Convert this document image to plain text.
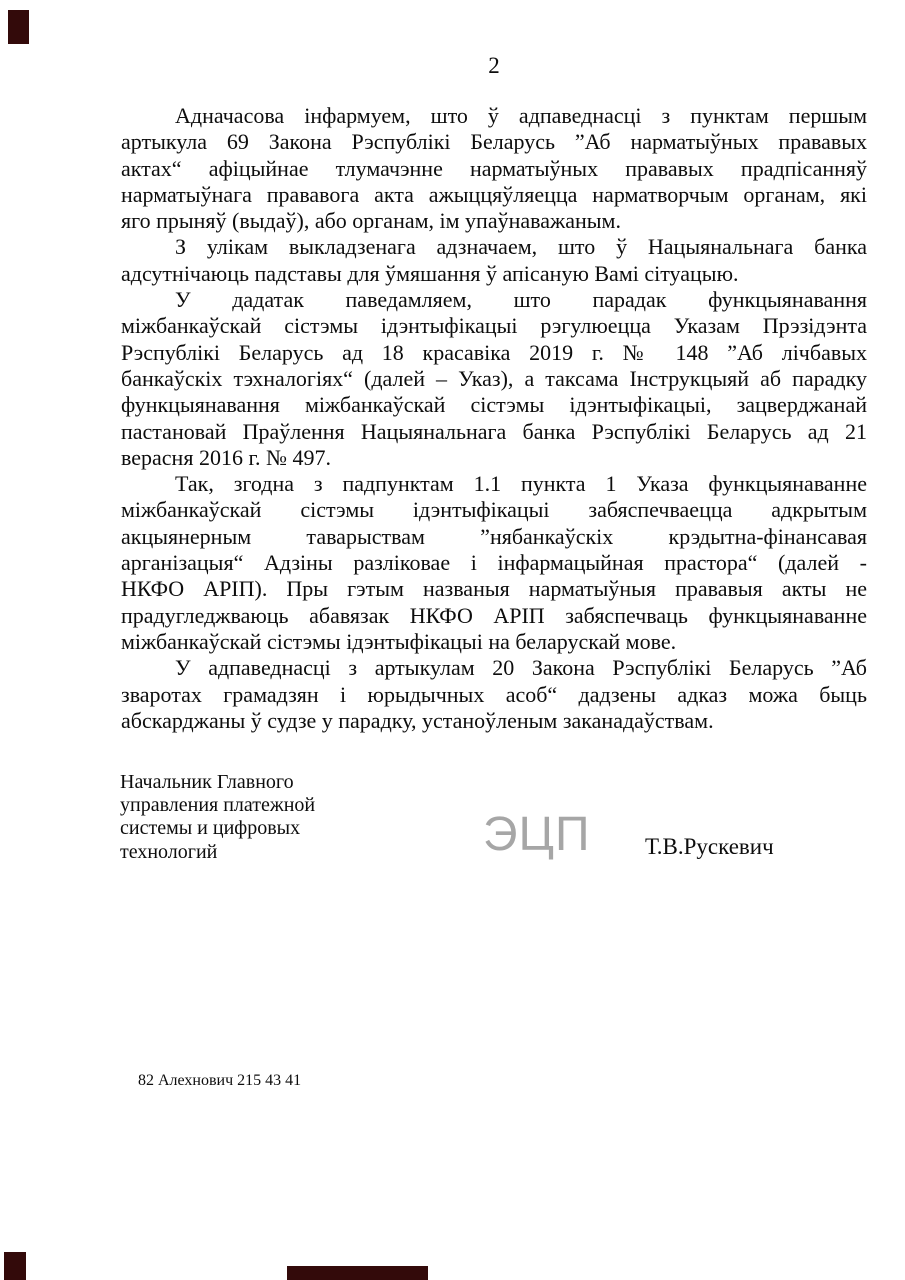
2
Адначасова інфармуем, што ў адпаведнасці з пунктам першым
артыкула 69 Закона Рэспублікі Беларусь ”Аб нарматыўных прававых
актах“ афіцыйнае тлумачэнне нарматыўных прававых прадпісанняў
нарматыўнага прававога акта ажыццяўляецца нарматворчым органам, які
яго прыняў (выдаў), або органам, ім упаўнаважаным.
З улікам выкладзенага адзначаем, што ў Нацыянальнага банка
адсутнічаюць падставы для ўмяшання ў апісаную Вамі сітуацыю.
У дадатак паведамляем, што парадак функцыянавання
міжбанкаўскай сістэмы ідэнтыфікацыі рэгулюецца Указам Прэзідэнта
Рэспублікі Беларусь ад 18 красавіка 2019 г. № 148 ”Аб лічбавых
банкаўскіх тэхналогіях“ (далей – Указ), а таксама Інструкцыяй аб парадку
функцыянавання міжбанкаўскай сістэмы ідэнтыфікацыі, зацверджанай
пастановай Праўлення Нацыянальнага банка Рэспублікі Беларусь ад 21
верасня 2016 г. № 497.
Так, згодна з падпунктам 1.1 пункта 1 Указа функцыянаванне
міжбанкаўскай сістэмы ідэнтыфікацыі забяспечваецца адкрытым
акцыянерным таварыствам ”нябанкаўскіх крэдытна-фінансавая
арганізацыя“ Адзіны разліковае і інфармацыйная прастора“ (далей -
НКФО АРІП). Пры гэтым названыя нарматыўныя прававыя акты не
прадугледжваюць абавязак НКФО АРІП забяспечваць функцыянаванне
міжбанкаўскай сістэмы ідэнтыфікацыі на беларускай мове.
У адпаведнасці з артыкулам 20 Закона Рэспублікі Беларусь ”Аб
зваротах грамадзян і юрыдычных асоб“ дадзены адказ можа быць
абскарджаны ў судзе у парадку, устаноўленым заканадаўствам.
Начальник Главного
управления платежной
системы и цифровых
технологий	ЭЦП Т.В.Рускевич
82 Алехнович 215 43 41
